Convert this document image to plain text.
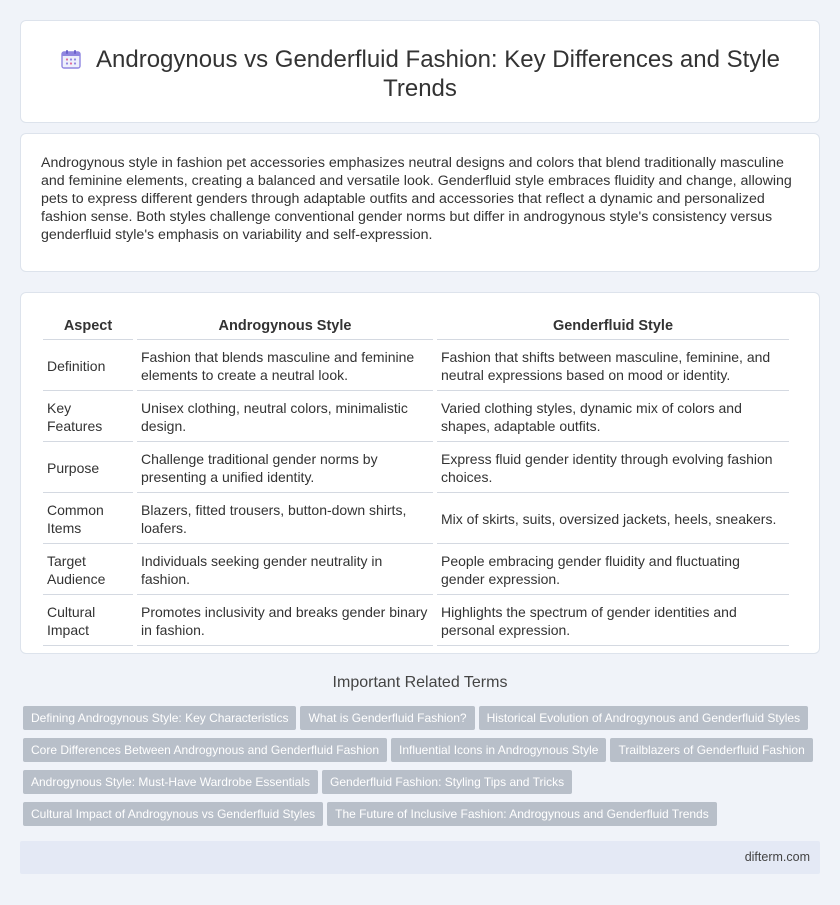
Androgynous vs Genderfluid Fashion: Key Differences and Style Trends

Androgynous style in fashion pet accessories emphasizes neutral designs and colors that blend traditionally masculine and feminine elements, creating a balanced and versatile look. Genderfluid style embraces fluidity and change, allowing pets to express different genders through adaptable outfits and accessories that reflect a dynamic and personalized fashion sense. Both styles challenge conventional gender norms but differ in androgynous style's consistency versus genderfluid style's emphasis on variability and self-expression.

Aspect	Androgynous Style	Genderfluid Style
Definition	Fashion that blends masculine and feminine elements to create a neutral look.	Fashion that shifts between masculine, feminine, and neutral expressions based on mood or identity.
Key Features	Unisex clothing, neutral colors, minimalistic design.	Varied clothing styles, dynamic mix of colors and shapes, adaptable outfits.
Purpose	Challenge traditional gender norms by presenting a unified identity.	Express fluid gender identity through evolving fashion choices.
Common Items	Blazers, fitted trousers, button-down shirts, loafers.	Mix of skirts, suits, oversized jackets, heels, sneakers.
Target Audience	Individuals seeking gender neutrality in fashion.	People embracing gender fluidity and fluctuating gender expression.
Cultural Impact	Promotes inclusivity and breaks gender binary in fashion.	Highlights the spectrum of gender identities and personal expression.
Important Related Terms
Defining Androgynous Style: Key Characteristics What is Genderfluid Fashion? Historical Evolution of Androgynous and Genderfluid Styles
Core Differences Between Androgynous and Genderfluid Fashion Influential Icons in Androgynous Style Trailblazers of Genderfluid Fashion
Androgynous Style: Must-Have Wardrobe Essentials Genderfluid Fashion: Styling Tips and Tricks
Cultural Impact of Androgynous vs Genderfluid Styles The Future of Inclusive Fashion: Androgynous and Genderfluid Trends
difterm.com
